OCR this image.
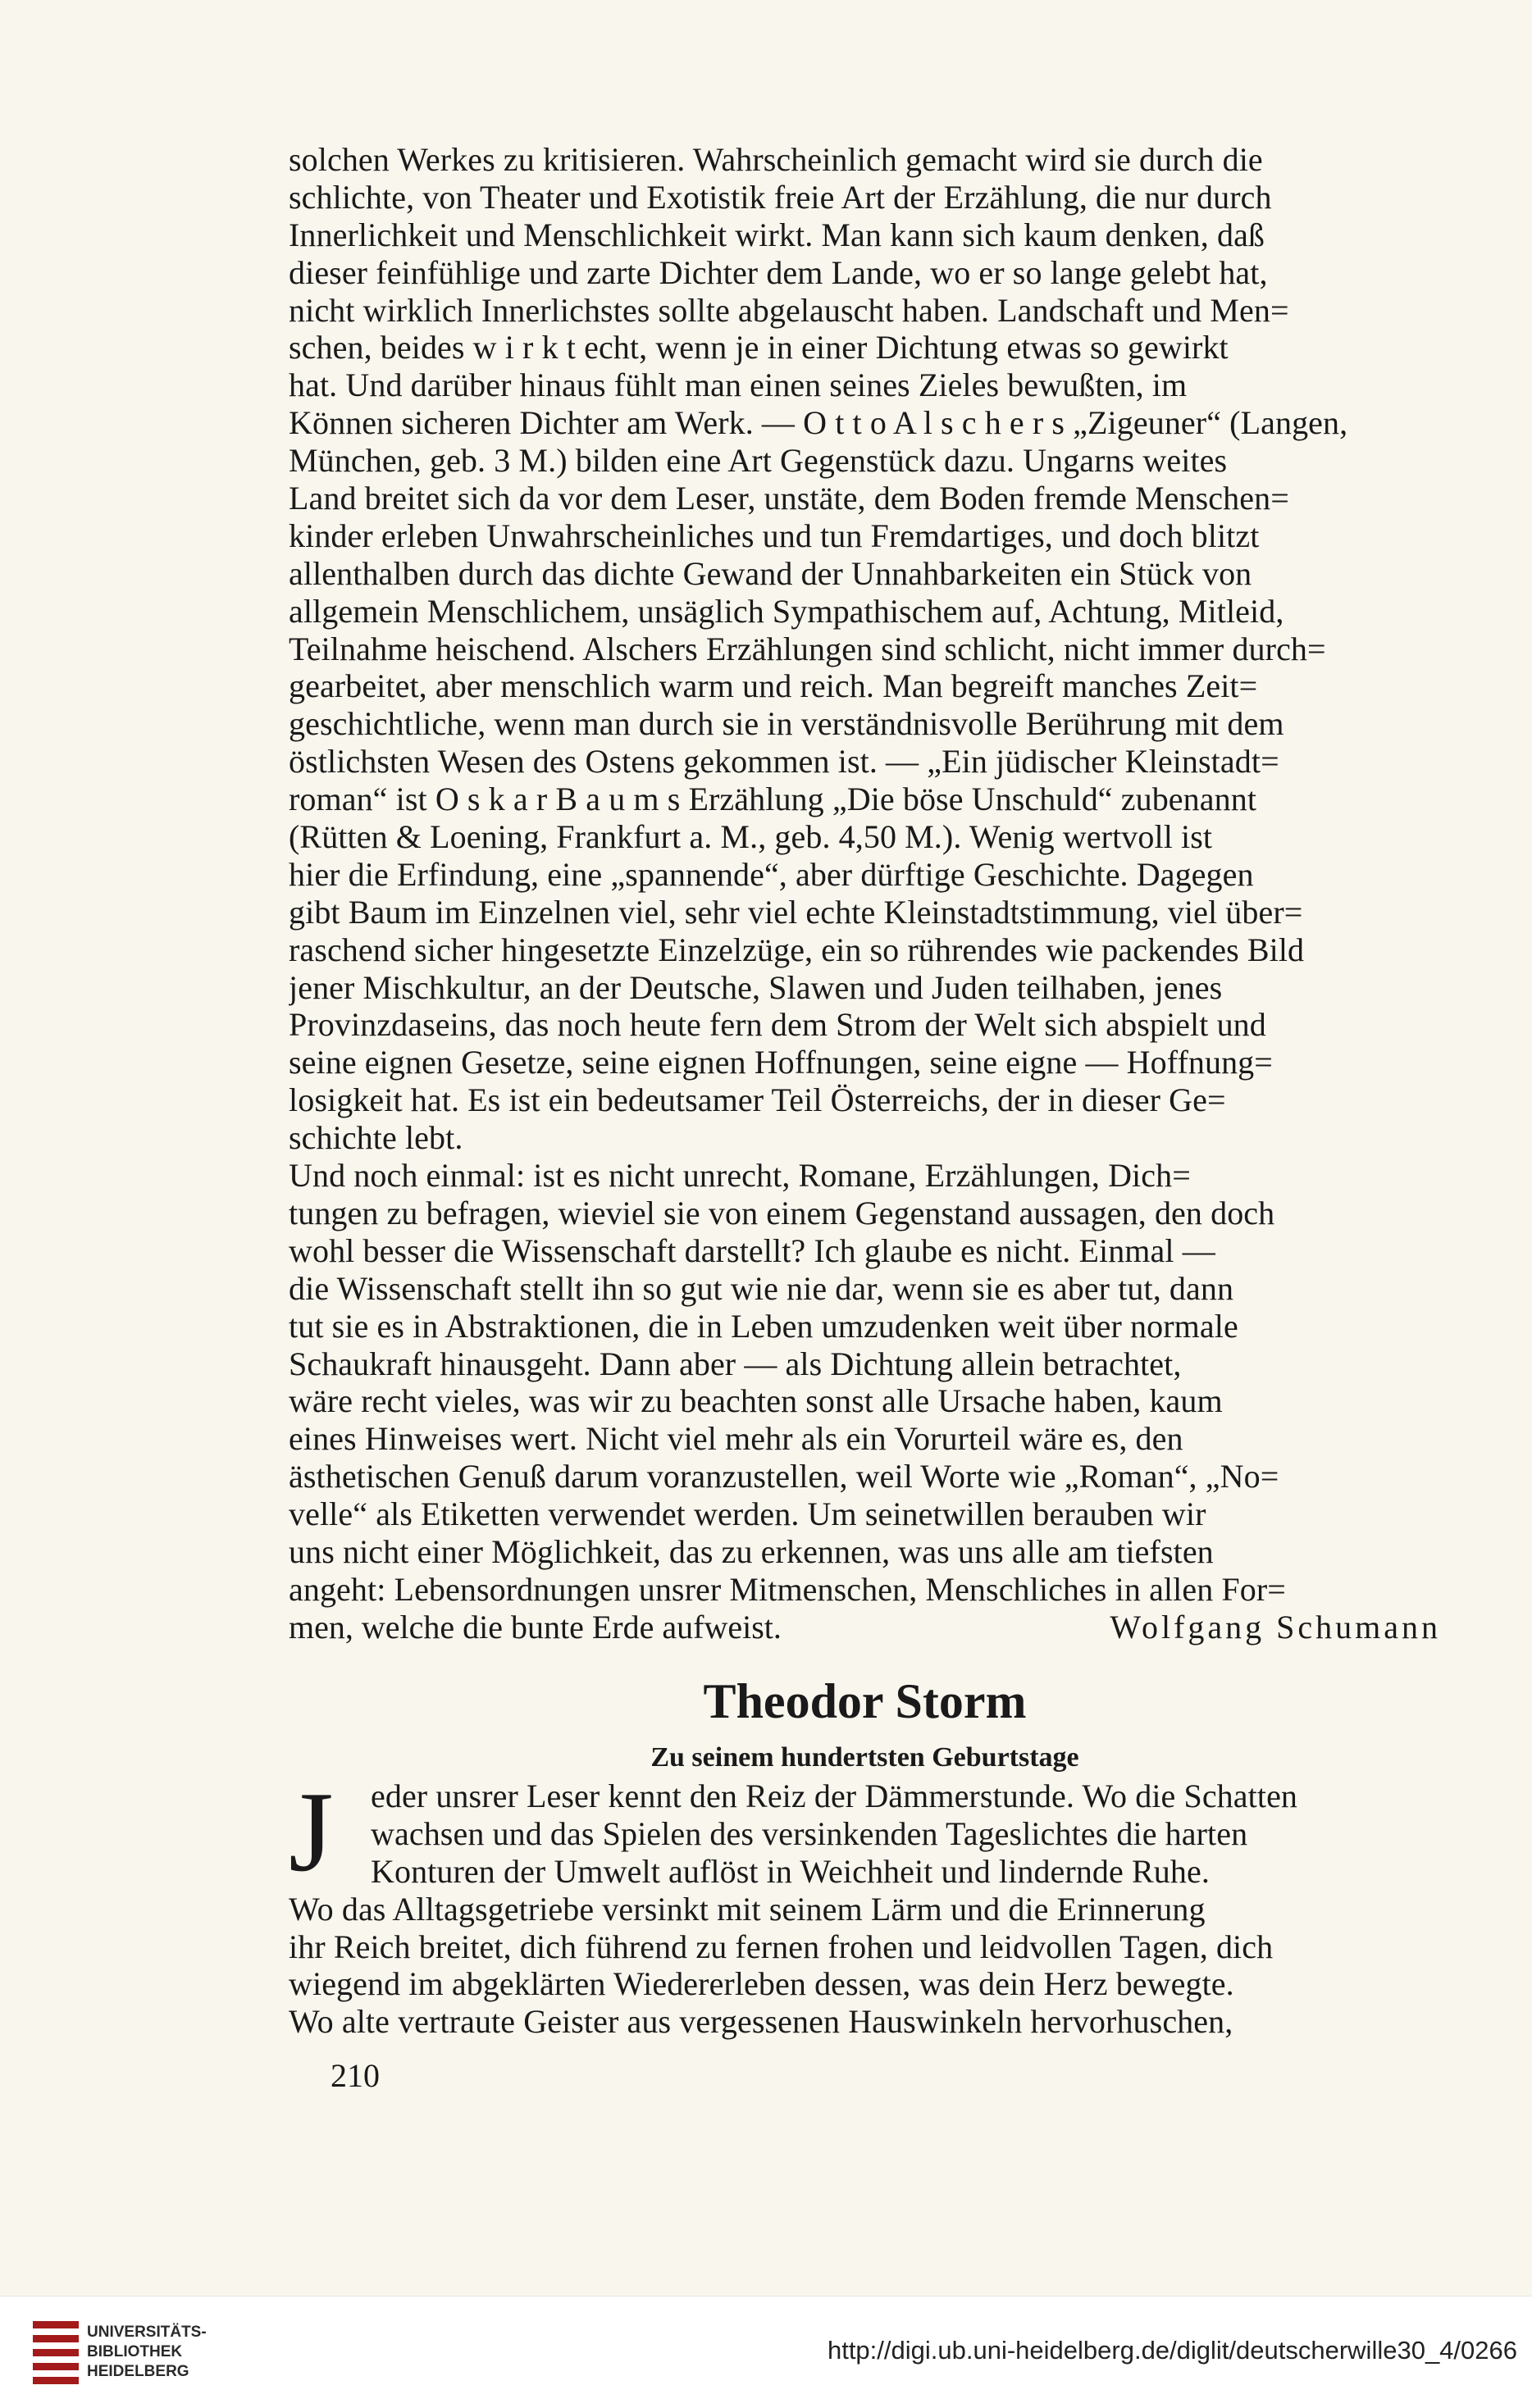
solchen Werkes zu kritisieren. Wahrscheinlich gemacht wird sie durch die
schlichte, von Theater und Exotistik freie Art der Erzählung, die nur durch
Innerlichkeit und Menschlichkeit wirkt. Man kann sich kaum denken, daß
dieser feinfühlige und zarte Dichter dem Lande, wo er so lange gelebt hat,
nicht wirklich Innerlichstes sollte abgelauscht haben. Landschaft und Men=
schen, beides w i r k t echt, wenn je in einer Dichtung etwas so gewirkt
hat. Und darüber hinaus fühlt man einen seines Zieles bewußten, im
Können sicheren Dichter am Werk. — O t t o A l s c h e r s „Zigeuner“ (Langen,
München, geb. 3 M.) bilden eine Art Gegenstück dazu. Ungarns weites
Land breitet sich da vor dem Leser, unstäte, dem Boden fremde Menschen=
kinder erleben Unwahrscheinliches und tun Fremdartiges, und doch blitzt
allenthalben durch das dichte Gewand der Unnahbarkeiten ein Stück von
allgemein Menschlichem, unsäglich Sympathischem auf, Achtung, Mitleid,
Teilnahme heischend. Alschers Erzählungen sind schlicht, nicht immer durch=
gearbeitet, aber menschlich warm und reich. Man begreift manches Zeit=
geschichtliche, wenn man durch sie in verständnisvolle Berührung mit dem
östlichsten Wesen des Ostens gekommen ist. — „Ein jüdischer Kleinstadt=
roman“ ist O s k a r B a u m s Erzählung „Die böse Unschuld“ zubenannt
(Rütten & Loening, Frankfurt a. M., geb. 4,50 M.). Wenig wertvoll ist
hier die Erfindung, eine „spannende“, aber dürftige Geschichte. Dagegen
gibt Baum im Einzelnen viel, sehr viel echte Kleinstadtstimmung, viel über=
raschend sicher hingesetzte Einzelzüge, ein so rührendes wie packendes Bild
jener Mischkultur, an der Deutsche, Slawen und Juden teilhaben, jenes
Provinzdaseins, das noch heute fern dem Strom der Welt sich abspielt und
seine eignen Gesetze, seine eignen Hoffnungen, seine eigne — Hoffnung=
losigkeit hat. Es ist ein bedeutsamer Teil Österreichs, der in dieser Ge=
schichte lebt.
Und noch einmal: ist es nicht unrecht, Romane, Erzählungen, Dich=
tungen zu befragen, wieviel sie von einem Gegenstand aussagen, den doch
wohl besser die Wissenschaft darstellt? Ich glaube es nicht. Einmal —
die Wissenschaft stellt ihn so gut wie nie dar, wenn sie es aber tut, dann
tut sie es in Abstraktionen, die in Leben umzudenken weit über normale
Schaukraft hinausgeht. Dann aber — als Dichtung allein betrachtet,
wäre recht vieles, was wir zu beachten sonst alle Ursache haben, kaum
eines Hinweises wert. Nicht viel mehr als ein Vorurteil wäre es, den
ästhetischen Genuß darum voranzustellen, weil Worte wie „Roman“, „No=
velle“ als Etiketten verwendet werden. Um seinetwillen berauben wir
uns nicht einer Möglichkeit, das zu erkennen, was uns alle am tiefsten
angeht: Lebensordnungen unsrer Mitmenschen, Menschliches in allen For=
men, welche die bunte Erde aufweist.	Wolfgang Schumann
Theodor Storm
Zu seinem hundertsten Geburtstage
J	eder unsrer Leser kennt den Reiz der Dämmerstunde. Wo die Schatten
wachsen und das Spielen des versinkenden Tageslichtes die harten
Konturen der Umwelt auflöst in Weichheit und lindernde Ruhe.
Wo das Alltagsgetriebe versinkt mit seinem Lärm und die Erinnerung
ihr Reich breitet, dich führend zu fernen frohen und leidvollen Tagen, dich
wiegend im abgeklärten Wiedererleben dessen, was dein Herz bewegte.
Wo alte vertraute Geister aus vergessenen Hauswinkeln hervorhuschen,
210
UNIVERSITÄTS-
BIBLIOTHEK
HEIDELBERG
http://digi.ub.uni-heidelberg.de/diglit/deutscherwille30_4/0266
